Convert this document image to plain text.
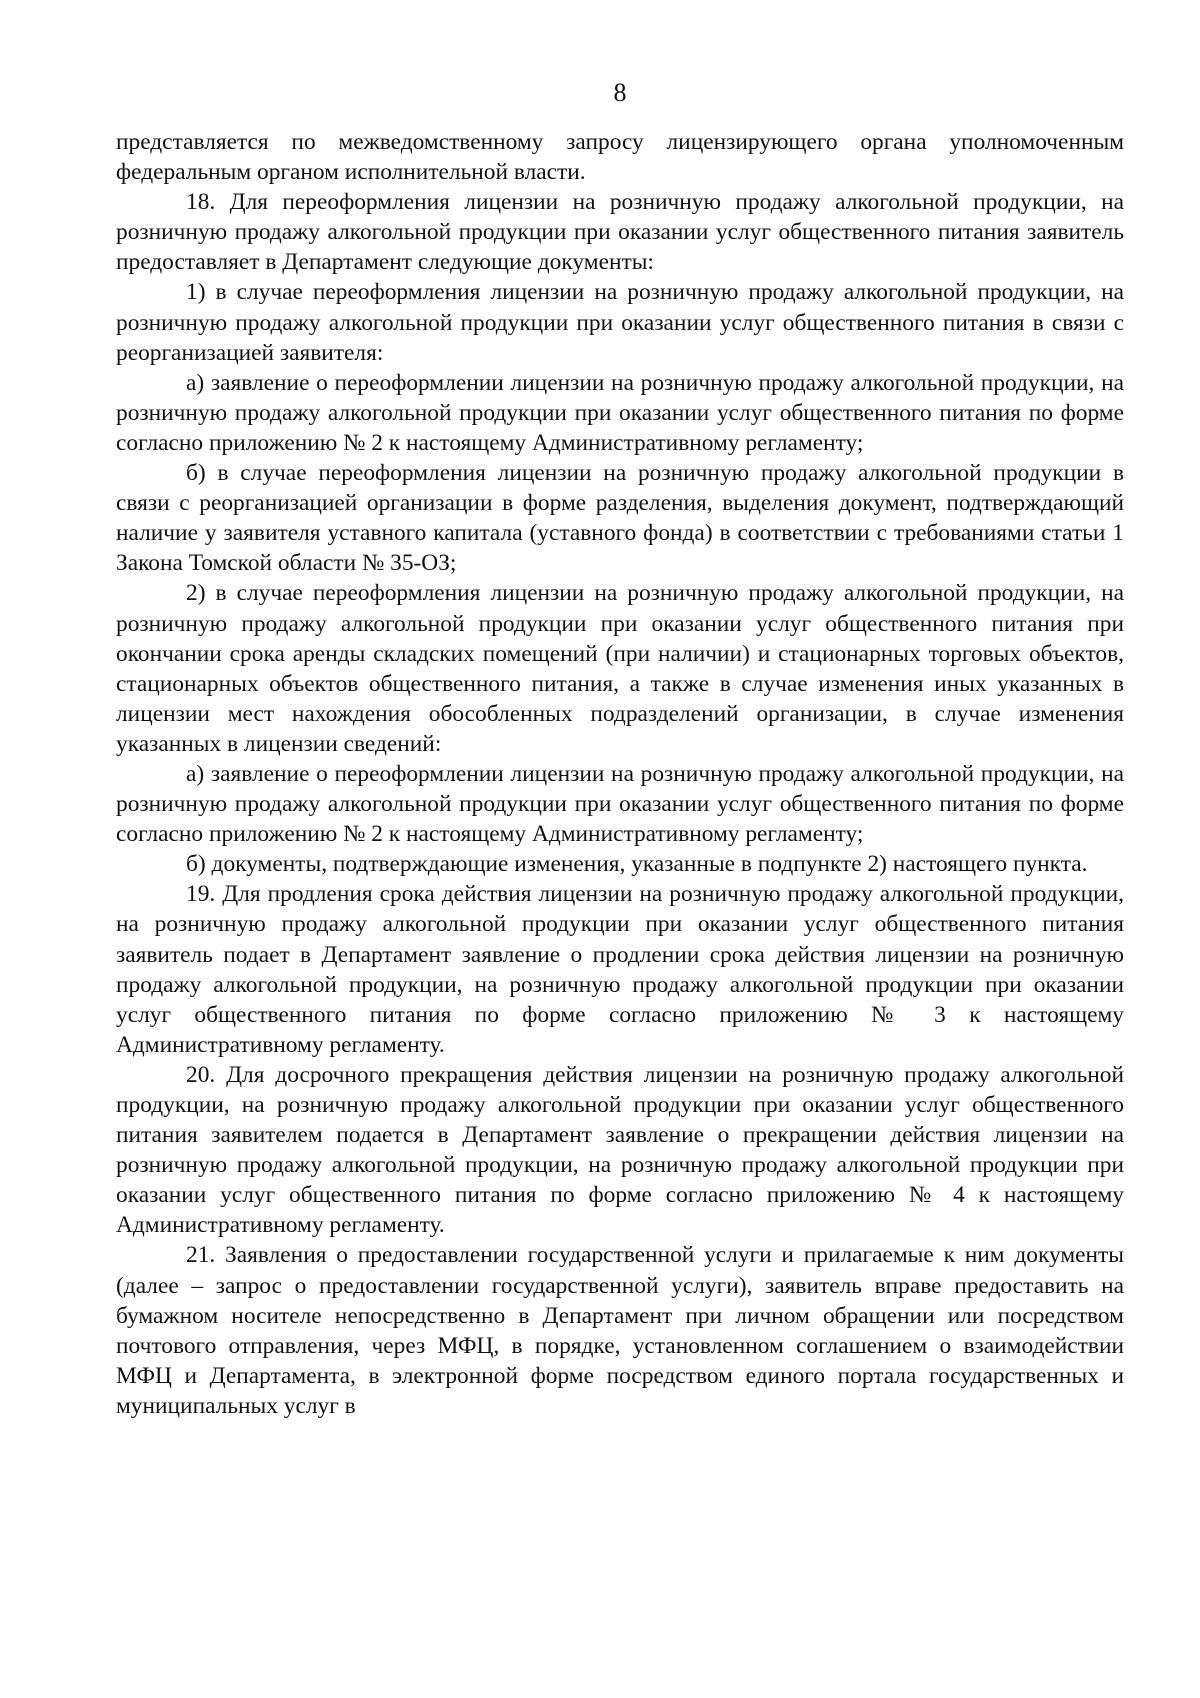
8

представляется по межведомственному запросу лицензирующего органа уполномоченным федеральным органом исполнительной власти.

18. Для переоформления лицензии на розничную продажу алкогольной продукции, на розничную продажу алкогольной продукции при оказании услуг общественного питания заявитель предоставляет в Департамент следующие документы:

1) в случае переоформления лицензии на розничную продажу алкогольной продукции, на розничную продажу алкогольной продукции при оказании услуг общественного питания в связи с реорганизацией заявителя:

а) заявление о переоформлении лицензии на розничную продажу алкогольной продукции, на розничную продажу алкогольной продукции при оказании услуг общественного питания по форме согласно приложению № 2 к настоящему Административному регламенту;

б) в случае переоформления лицензии на розничную продажу алкогольной продукции в связи с реорганизацией организации в форме разделения, выделения документ, подтверждающий наличие у заявителя уставного капитала (уставного фонда) в соответствии с требованиями статьи 1 Закона Томской области № 35-ОЗ;

2) в случае переоформления лицензии на розничную продажу алкогольной продукции, на розничную продажу алкогольной продукции при оказании услуг общественного питания при окончании срока аренды складских помещений (при наличии) и стационарных торговых объектов, стационарных объектов общественного питания, а также в случае изменения иных указанных в лицензии мест нахождения обособленных подразделений организации, в случае изменения указанных в лицензии сведений:

а) заявление о переоформлении лицензии на розничную продажу алкогольной продукции, на розничную продажу алкогольной продукции при оказании услуг общественного питания по форме согласно приложению № 2 к настоящему Административному регламенту;

б) документы, подтверждающие изменения, указанные в подпункте 2) настоящего пункта.

19. Для продления срока действия лицензии на розничную продажу алкогольной продукции, на розничную продажу алкогольной продукции при оказании услуг общественного питания заявитель подает в Департамент заявление о продлении срока действия лицензии на розничную продажу алкогольной продукции, на розничную продажу алкогольной продукции при оказании услуг общественного питания по форме согласно приложению № 3 к настоящему Административному регламенту.

20. Для досрочного прекращения действия лицензии на розничную продажу алкогольной продукции, на розничную продажу алкогольной продукции при оказании услуг общественного питания заявителем подается в Департамент заявление о прекращении действия лицензии на розничную продажу алкогольной продукции, на розничную продажу алкогольной продукции при оказании услуг общественного питания по форме согласно приложению № 4 к настоящему Административному регламенту.

21. Заявления о предоставлении государственной услуги и прилагаемые к ним документы (далее – запрос о предоставлении государственной услуги), заявитель вправе предоставить на бумажном носителе непосредственно в Департамент при личном обращении или посредством почтового отправления, через МФЦ, в порядке, установленном соглашением о взаимодействии МФЦ и Департамента, в электронной форме посредством единого портала государственных и муниципальных услуг в
